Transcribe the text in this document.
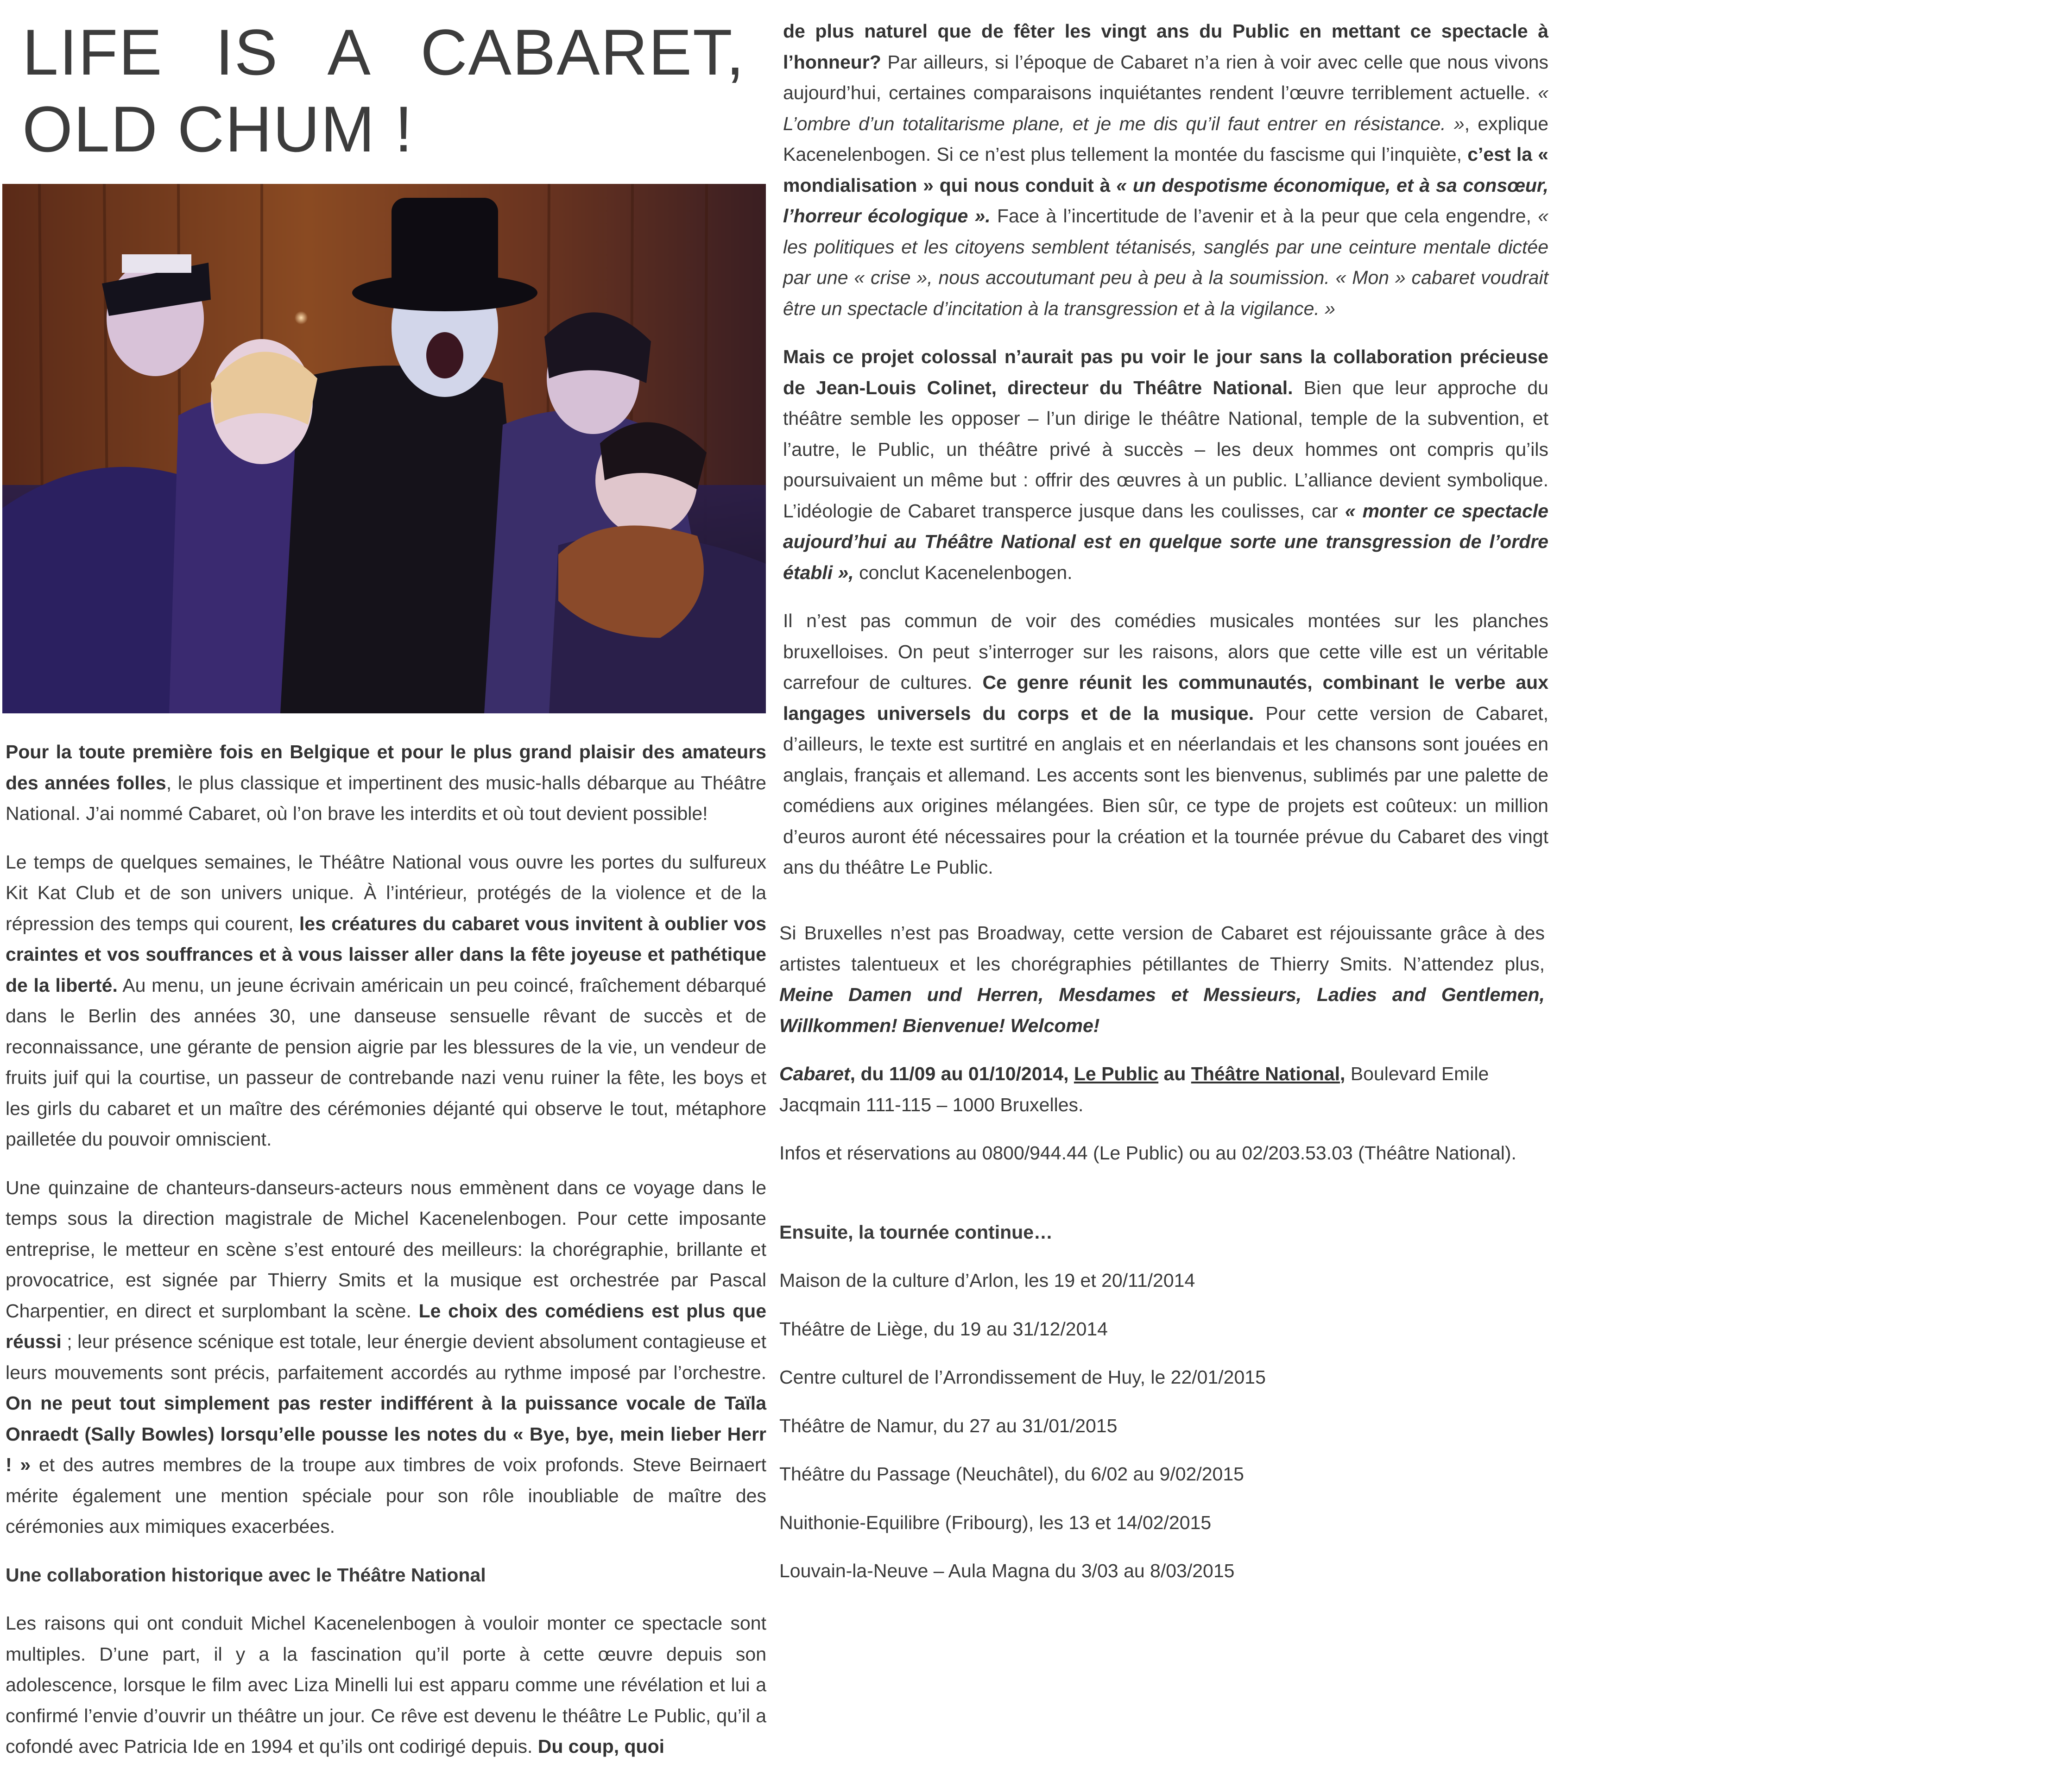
LIFE IS A CABARET, OLD CHUM !

Pour la toute première fois en Belgique et pour le plus grand plaisir des amateurs des années folles, le plus classique et impertinent des music-halls débarque au Théâtre National. J’ai nommé Cabaret, où l’on brave les interdits et où tout devient possible!

Le temps de quelques semaines, le Théâtre National vous ouvre les portes du sulfureux Kit Kat Club et de son univers unique. À l’intérieur, protégés de la violence et de la répression des temps qui courent, les créatures du cabaret vous invitent à oublier vos craintes et vos souffrances et à vous laisser aller dans la fête joyeuse et pathétique de la liberté. Au menu, un jeune écrivain américain un peu coincé, fraîchement débarqué dans le Berlin des années 30, une danseuse sensuelle rêvant de succès et de reconnaissance, une gérante de pension aigrie par les blessures de la vie, un vendeur de fruits juif qui la courtise, un passeur de contrebande nazi venu ruiner la fête, les boys et les girls du cabaret et un maître des cérémonies déjanté qui observe le tout, métaphore pailletée du pouvoir omniscient.

Une quinzaine de chanteurs-danseurs-acteurs nous emmènent dans ce voyage dans le temps sous la direction magistrale de Michel Kacenelenbogen. Pour cette imposante entreprise, le metteur en scène s’est entouré des meilleurs: la chorégraphie, brillante et provocatrice, est signée par Thierry Smits et la musique est orchestrée par Pascal Charpentier, en direct et surplombant la scène. Le choix des comédiens est plus que réussi ; leur présence scénique est totale, leur énergie devient absolument contagieuse et leurs mouvements sont précis, parfaitement accordés au rythme imposé par l’orchestre. On ne peut tout simplement pas rester indifférent à la puissance vocale de Taïla Onraedt (Sally Bowles) lorsqu’elle pousse les notes du « Bye, bye, mein lieber Herr ! » et des autres membres de la troupe aux timbres de voix profonds. Steve Beirnaert mérite également une mention spéciale pour son rôle inoubliable de maître des cérémonies aux mimiques exacerbées.

Une collaboration historique avec le Théâtre National

Les raisons qui ont conduit Michel Kacenelenbogen à vouloir monter ce spectacle sont multiples. D’une part, il y a la fascination qu’il porte à cette œuvre depuis son adolescence, lorsque le film avec Liza Minelli lui est apparu comme une révélation et lui a confirmé l’envie d’ouvrir un théâtre un jour. Ce rêve est devenu le théâtre Le Public, qu’il a cofondé avec Patricia Ide en 1994 et qu’ils ont codirigé depuis. Du coup, quoi

de plus naturel que de fêter les vingt ans du Public en mettant ce spectacle à l’honneur? Par ailleurs, si l’époque de Cabaret n’a rien à voir avec celle que nous vivons aujourd’hui, certaines comparaisons inquiétantes rendent l’œuvre terriblement actuelle. « L’ombre d’un totalitarisme plane, et je me dis qu’il faut entrer en résistance. », explique Kacenelenbogen. Si ce n’est plus tellement la montée du fascisme qui l’inquiète, c’est la « mondialisation » qui nous conduit à « un despotisme économique, et à sa consœur, l’horreur écologique ». Face à l’incertitude de l’avenir et à la peur que cela engendre, « les politiques et les citoyens semblent tétanisés, sanglés par une ceinture mentale dictée par une « crise », nous accoutumant peu à peu à la soumission. « Mon » cabaret voudrait être un spectacle d’incitation à la transgression et à la vigilance. »

Mais ce projet colossal n’aurait pas pu voir le jour sans la collaboration précieuse de Jean-Louis Colinet, directeur du Théâtre National. Bien que leur approche du théâtre semble les opposer – l’un dirige le théâtre National, temple de la subvention, et l’autre, le Public, un théâtre privé à succès – les deux hommes ont compris qu’ils poursuivaient un même but : offrir des œuvres à un public. L’alliance devient symbolique. L’idéologie de Cabaret transperce jusque dans les coulisses, car « monter ce spectacle aujourd’hui au Théâtre National est en quelque sorte une transgression de l’ordre établi », conclut Kacenelenbogen.

Il n’est pas commun de voir des comédies musicales montées sur les planches bruxelloises. On peut s’interroger sur les raisons, alors que cette ville est un véritable carrefour de cultures. Ce genre réunit les communautés, combinant le verbe aux langages universels du corps et de la musique. Pour cette version de Cabaret, d’ailleurs, le texte est surtitré en anglais et en néerlandais et les chansons sont jouées en anglais, français et allemand. Les accents sont les bienvenus, sublimés par une palette de comédiens aux origines mélangées. Bien sûr, ce type de projets est coûteux: un million d’euros auront été nécessaires pour la création et la tournée prévue du Cabaret des vingt ans du théâtre Le Public.

Si Bruxelles n’est pas Broadway, cette version de Cabaret est réjouissante grâce à des artistes talentueux et les chorégraphies pétillantes de Thierry Smits. N’attendez plus, Meine Damen und Herren, Mesdames et Messieurs, Ladies and Gentlemen, Willkommen! Bienvenue! Welcome!

Cabaret, du 11/09 au 01/10/2014, Le Public au Théâtre National, Boulevard Emile Jacqmain 111-115 – 1000 Bruxelles.

Infos et réservations au 0800/944.44 (Le Public) ou au 02/203.53.03 (Théâtre National).

Ensuite, la tournée continue…

Maison de la culture d’Arlon, les 19 et 20/11/2014

Théâtre de Liège, du 19 au 31/12/2014

Centre culturel de l’Arrondissement de Huy, le 22/01/2015

Théâtre de Namur, du 27 au 31/01/2015

Théâtre du Passage (Neuchâtel), du 6/02 au 9/02/2015

Nuithonie-Equilibre (Fribourg), les 13 et 14/02/2015

Louvain-la-Neuve – Aula Magna du 3/03 au 8/03/2015
